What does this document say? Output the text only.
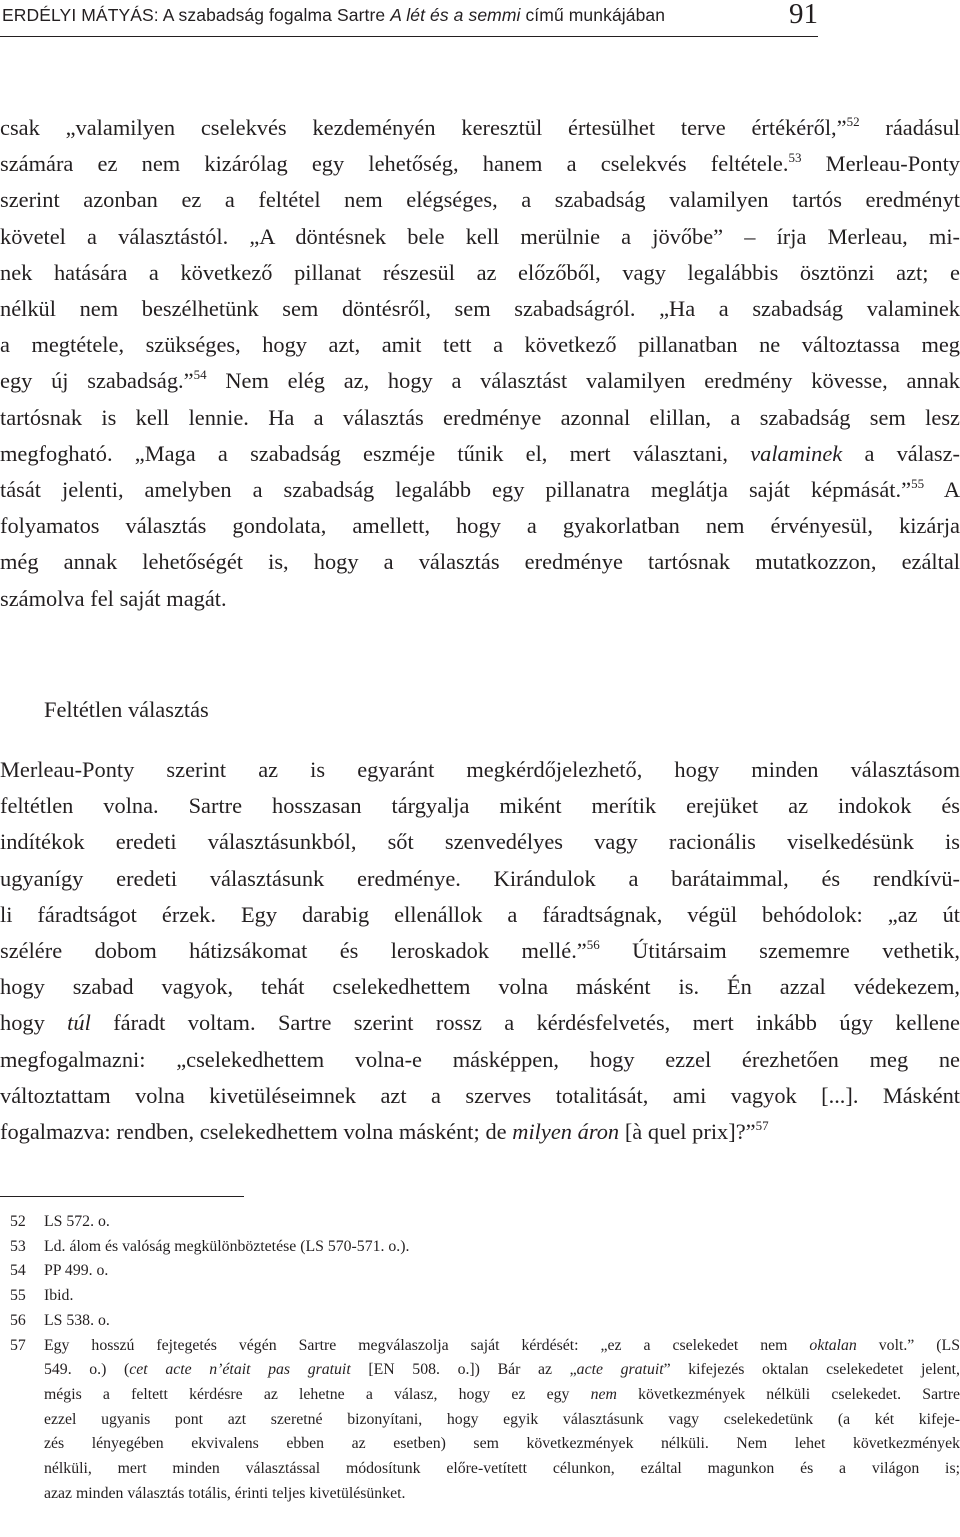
ERDÉLYI MÁTYÁS: A szabadság fogalma Sartre A lét és a semmi című munkájában	91
csak „valamilyen cselekvés kezdeményén keresztül értesülhet terve értékéről,”$^{52}$ ráadásul
számára ez nem kizárólag egy lehetőség, hanem a cselekvés feltétele.$^{53}$ Merleau-Ponty
szerint azonban ez a feltétel nem elégséges, a szabadság valamilyen tartós eredményt
követel a választástól. „A döntésnek bele kell merülnie a jövőbe” – írja Merleau, mi-
nek hatására a következő pillanat részesül az előzőből, vagy legalábbis ösztönzi azt; e
nélkül nem beszélhetünk sem döntésről, sem szabadságról. „Ha a szabadság valaminek
a megtétele, szükséges, hogy azt, amit tett a következő pillanatban ne változtassa meg
egy új szabadság.”$^{54}$ Nem elég az, hogy a választást valamilyen eredmény kövesse, annak
tartósnak is kell lennie. Ha a választás eredménye azonnal elillan, a szabadság sem lesz
megfogható. „Maga a szabadság eszméje tűnik el, mert választani, valaminek a válasz-
tását jelenti, amelyben a szabadság legalább egy pillanatra meglátja saját képmását.”$^{55}$ A
folyamatos választás gondolata, amellett, hogy a gyakorlatban nem érvényesül, kizárja
még annak lehetőségét is, hogy a választás eredménye tartósnak mutatkozzon, ezáltal
számolva fel saját magát.
Feltétlen választás
Merleau-Ponty szerint az is egyaránt megkérdőjelezhető, hogy minden választásom
feltétlen volna. Sartre hosszasan tárgyalja miként merítik erejüket az indokok és
indítékok eredeti választásunkból, sőt szenvedélyes vagy racionális viselkedésünk is
ugyanígy eredeti választásunk eredménye. Kirándulok a barátaimmal, és rendkívü-
li fáradtságot érzek. Egy darabig ellenállok a fáradtságnak, végül behódolok: „az út
szélére dobom hátizsákomat és leroskadok mellé.”$^{56}$ Útitársaim szememre vethetik,
hogy szabad vagyok, tehát cselekedhettem volna másként is. Én azzal védekezem,
hogy túl fáradt voltam. Sartre szerint rossz a kérdésfelvetés, mert inkább úgy kellene
megfogalmazni: „cselekedhettem volna-e másképpen, hogy ezzel érezhetően meg ne
változtattam volna kivetüléseimnek azt a szerves totalitását, ami vagyok [...]. Másként
fogalmazva: rendben, cselekedhettem volna másként; de milyen áron [à quel prix]?”$^{57}$
52	LS 572. o.
53	Ld. álom és valóság megkülönböztetése (LS 570-571. o.).
54	PP 499. o.
55	Ibid.
56	LS 538. o.
57	Egy hosszú fejtegetés végén Sartre megválaszolja saját kérdését: „ez a cselekedet nem oktalan volt.” (LS
549. o.) (cet acte n’était pas gratuit [EN 508. o.]) Bár az „acte gratuit” kifejezés oktalan cselekedetet jelent,
mégis a feltett kérdésre az lehetne a válasz, hogy ez egy nem következmények nélküli cselekedet. Sartre
ezzel ugyanis pont azt szeretné bizonyítani, hogy egyik választásunk vagy cselekedetünk (a két kifeje-
zés lényegében ekvivalens ebben az esetben) sem következmények nélküli. Nem lehet következmények
nélküli, mert minden választással módosítunk előre-vetített célunkon, ezáltal magunkon és a világon is;
azaz minden választás totális, érinti teljes kivetülésünket.
